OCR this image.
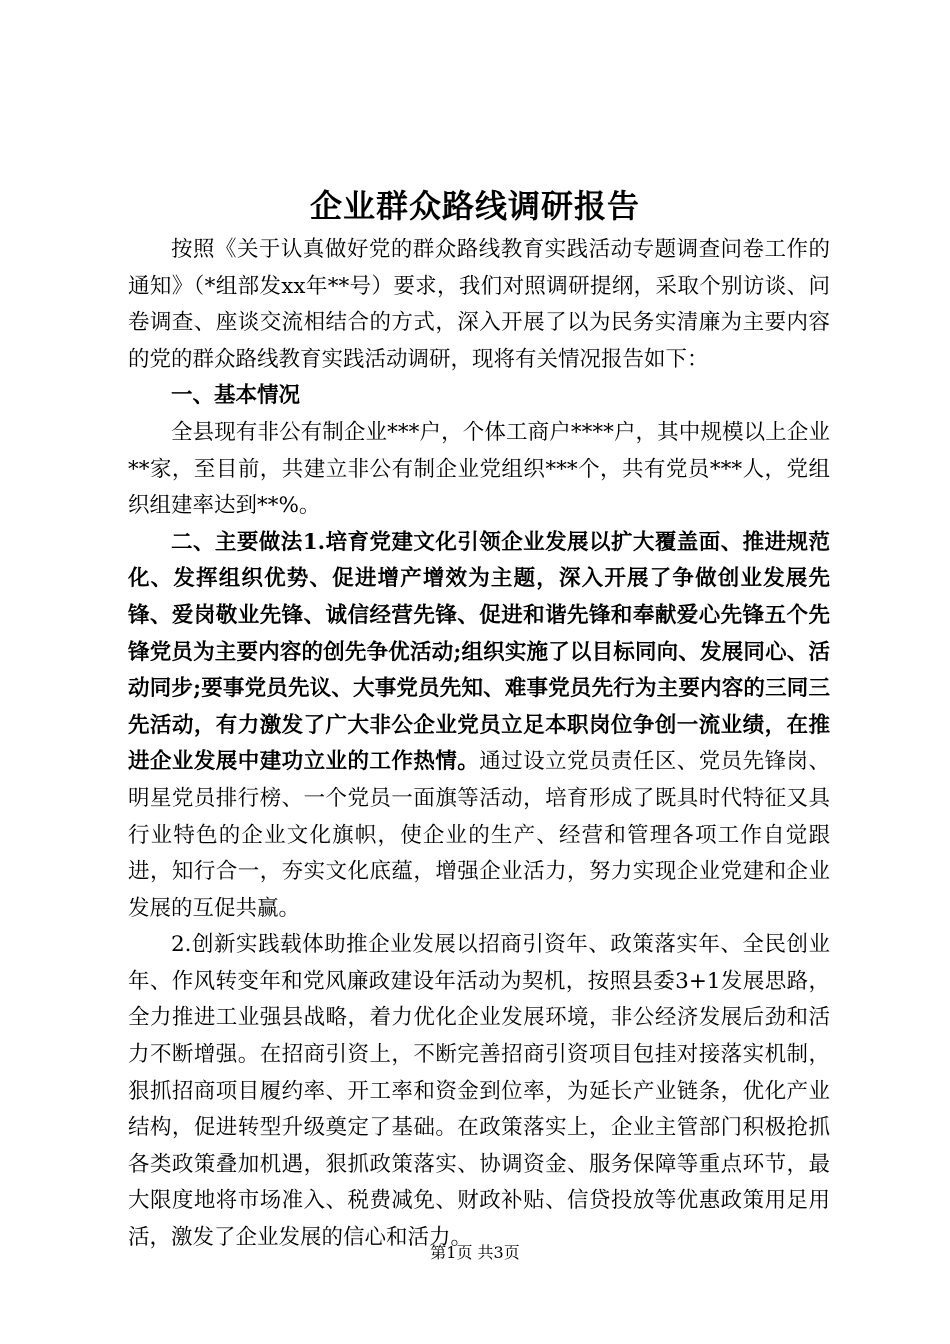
企业群众路线调研报告

按照《关于认真做好党的群众路线教育实践活动专题调查问卷工作的通知》（*组部发xx年**号）要求，我们对照调研提纲，采取个别访谈、问卷调查、座谈交流相结合的方式，深入开展了以为民务实清廉为主要内容的党的群众路线教育实践活动调研，现将有关情况报告如下：

一、基本情况

全县现有非公有制企业***户，个体工商户****户，其中规模以上企业**家，至目前，共建立非公有制企业党组织***个，共有党员***人，党组织组建率达到**%。

二、主要做法1.培育党建文化引领企业发展以扩大覆盖面、推进规范化、发挥组织优势、促进增产增效为主题，深入开展了争做创业发展先锋、爱岗敬业先锋、诚信经营先锋、促进和谐先锋和奉献爱心先锋五个先锋党员为主要内容的创先争优活动;组织实施了以目标同向、发展同心、活动同步;要事党员先议、大事党员先知、难事党员先行为主要内容的三同三先活动，有力激发了广大非公企业党员立足本职岗位争创一流业绩，在推进企业发展中建功立业的工作热情。通过设立党员责任区、党员先锋岗、明星党员排行榜、一个党员一面旗等活动，培育形成了既具时代特征又具行业特色的企业文化旗帜，使企业的生产、经营和管理各项工作自觉跟进，知行合一，夯实文化底蕴，增强企业活力，努力实现企业党建和企业发展的互促共赢。

2.创新实践载体助推企业发展以招商引资年、政策落实年、全民创业年、作风转变年和党风廉政建设年活动为契机，按照县委3+1发展思路，全力推进工业强县战略，着力优化企业发展环境，非公经济发展后劲和活力不断增强。在招商引资上，不断完善招商引资项目包挂对接落实机制，狠抓招商项目履约率、开工率和资金到位率，为延长产业链条，优化产业结构，促进转型升级奠定了基础。在政策落实上，企业主管部门积极抢抓各类政策叠加机遇，狠抓政策落实、协调资金、服务保障等重点环节，最大限度地将市场准入、税费减免、财政补贴、信贷投放等优惠政策用足用活，激发了企业发展的信心和活力。

第1页 共3页
